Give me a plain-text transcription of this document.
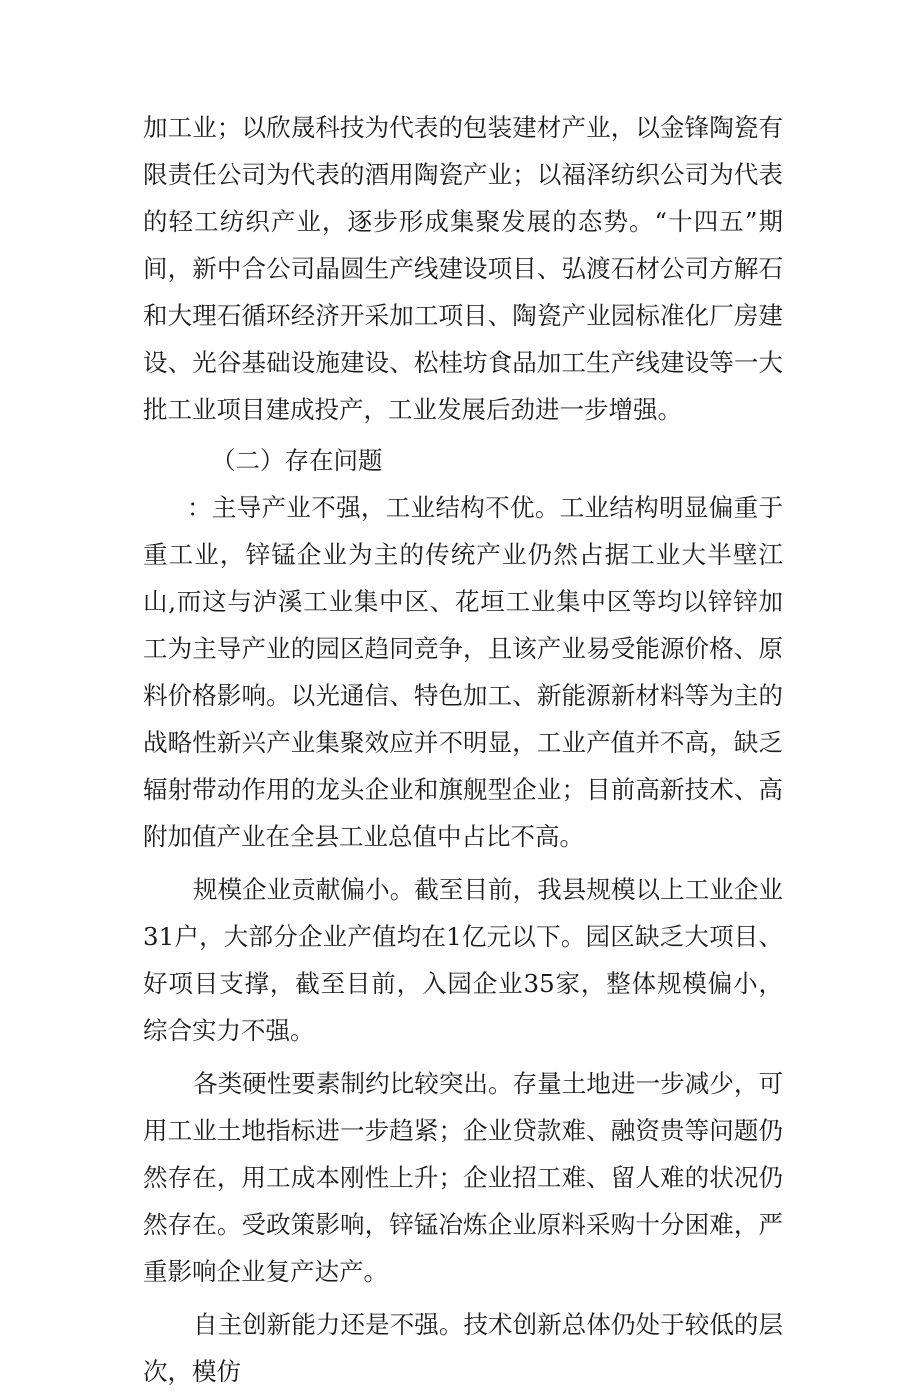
加工业；以欣晟科技为代表的包装建材产业，以金锋陶瓷有限责任公司为代表的酒用陶瓷产业；以福泽纺织公司为代表的轻工纺织产业，逐步形成集聚发展的态势。“十四五”期间，新中合公司晶圆生产线建设项目、弘渡石材公司方解石和大理石循环经济开采加工项目、陶瓷产业园标准化厂房建设、光谷基础设施建设、松桂坊食品加工生产线建设等一大批工业项目建成投产，工业发展后劲进一步增强。

（二）存在问题

：主导产业不强，工业结构不优。工业结构明显偏重于重工业，锌锰企业为主的传统产业仍然占据工业大半壁江山,而这与泸溪工业集中区、花垣工业集中区等均以锌锌加工为主导产业的园区趋同竞争，且该产业易受能源价格、原料价格影响。以光通信、特色加工、新能源新材料等为主的战略性新兴产业集聚效应并不明显，工业产值并不高，缺乏辐射带动作用的龙头企业和旗舰型企业；目前高新技术、高附加值产业在全县工业总值中占比不高。

规模企业贡献偏小。截至目前，我县规模以上工业企业31户，大部分企业产值均在1亿元以下。园区缺乏大项目、好项目支撑，截至目前，入园企业35家，整体规模偏小，综合实力不强。

各类硬性要素制约比较突出。存量土地进一步减少，可用工业土地指标进一步趋紧；企业贷款难、融资贵等问题仍然存在，用工成本刚性上升；企业招工难、留人难的状况仍然存在。受政策影响，锌锰冶炼企业原料采购十分困难，严重影响企业复产达产。

自主创新能力还是不强。技术创新总体仍处于较低的层次，模仿
